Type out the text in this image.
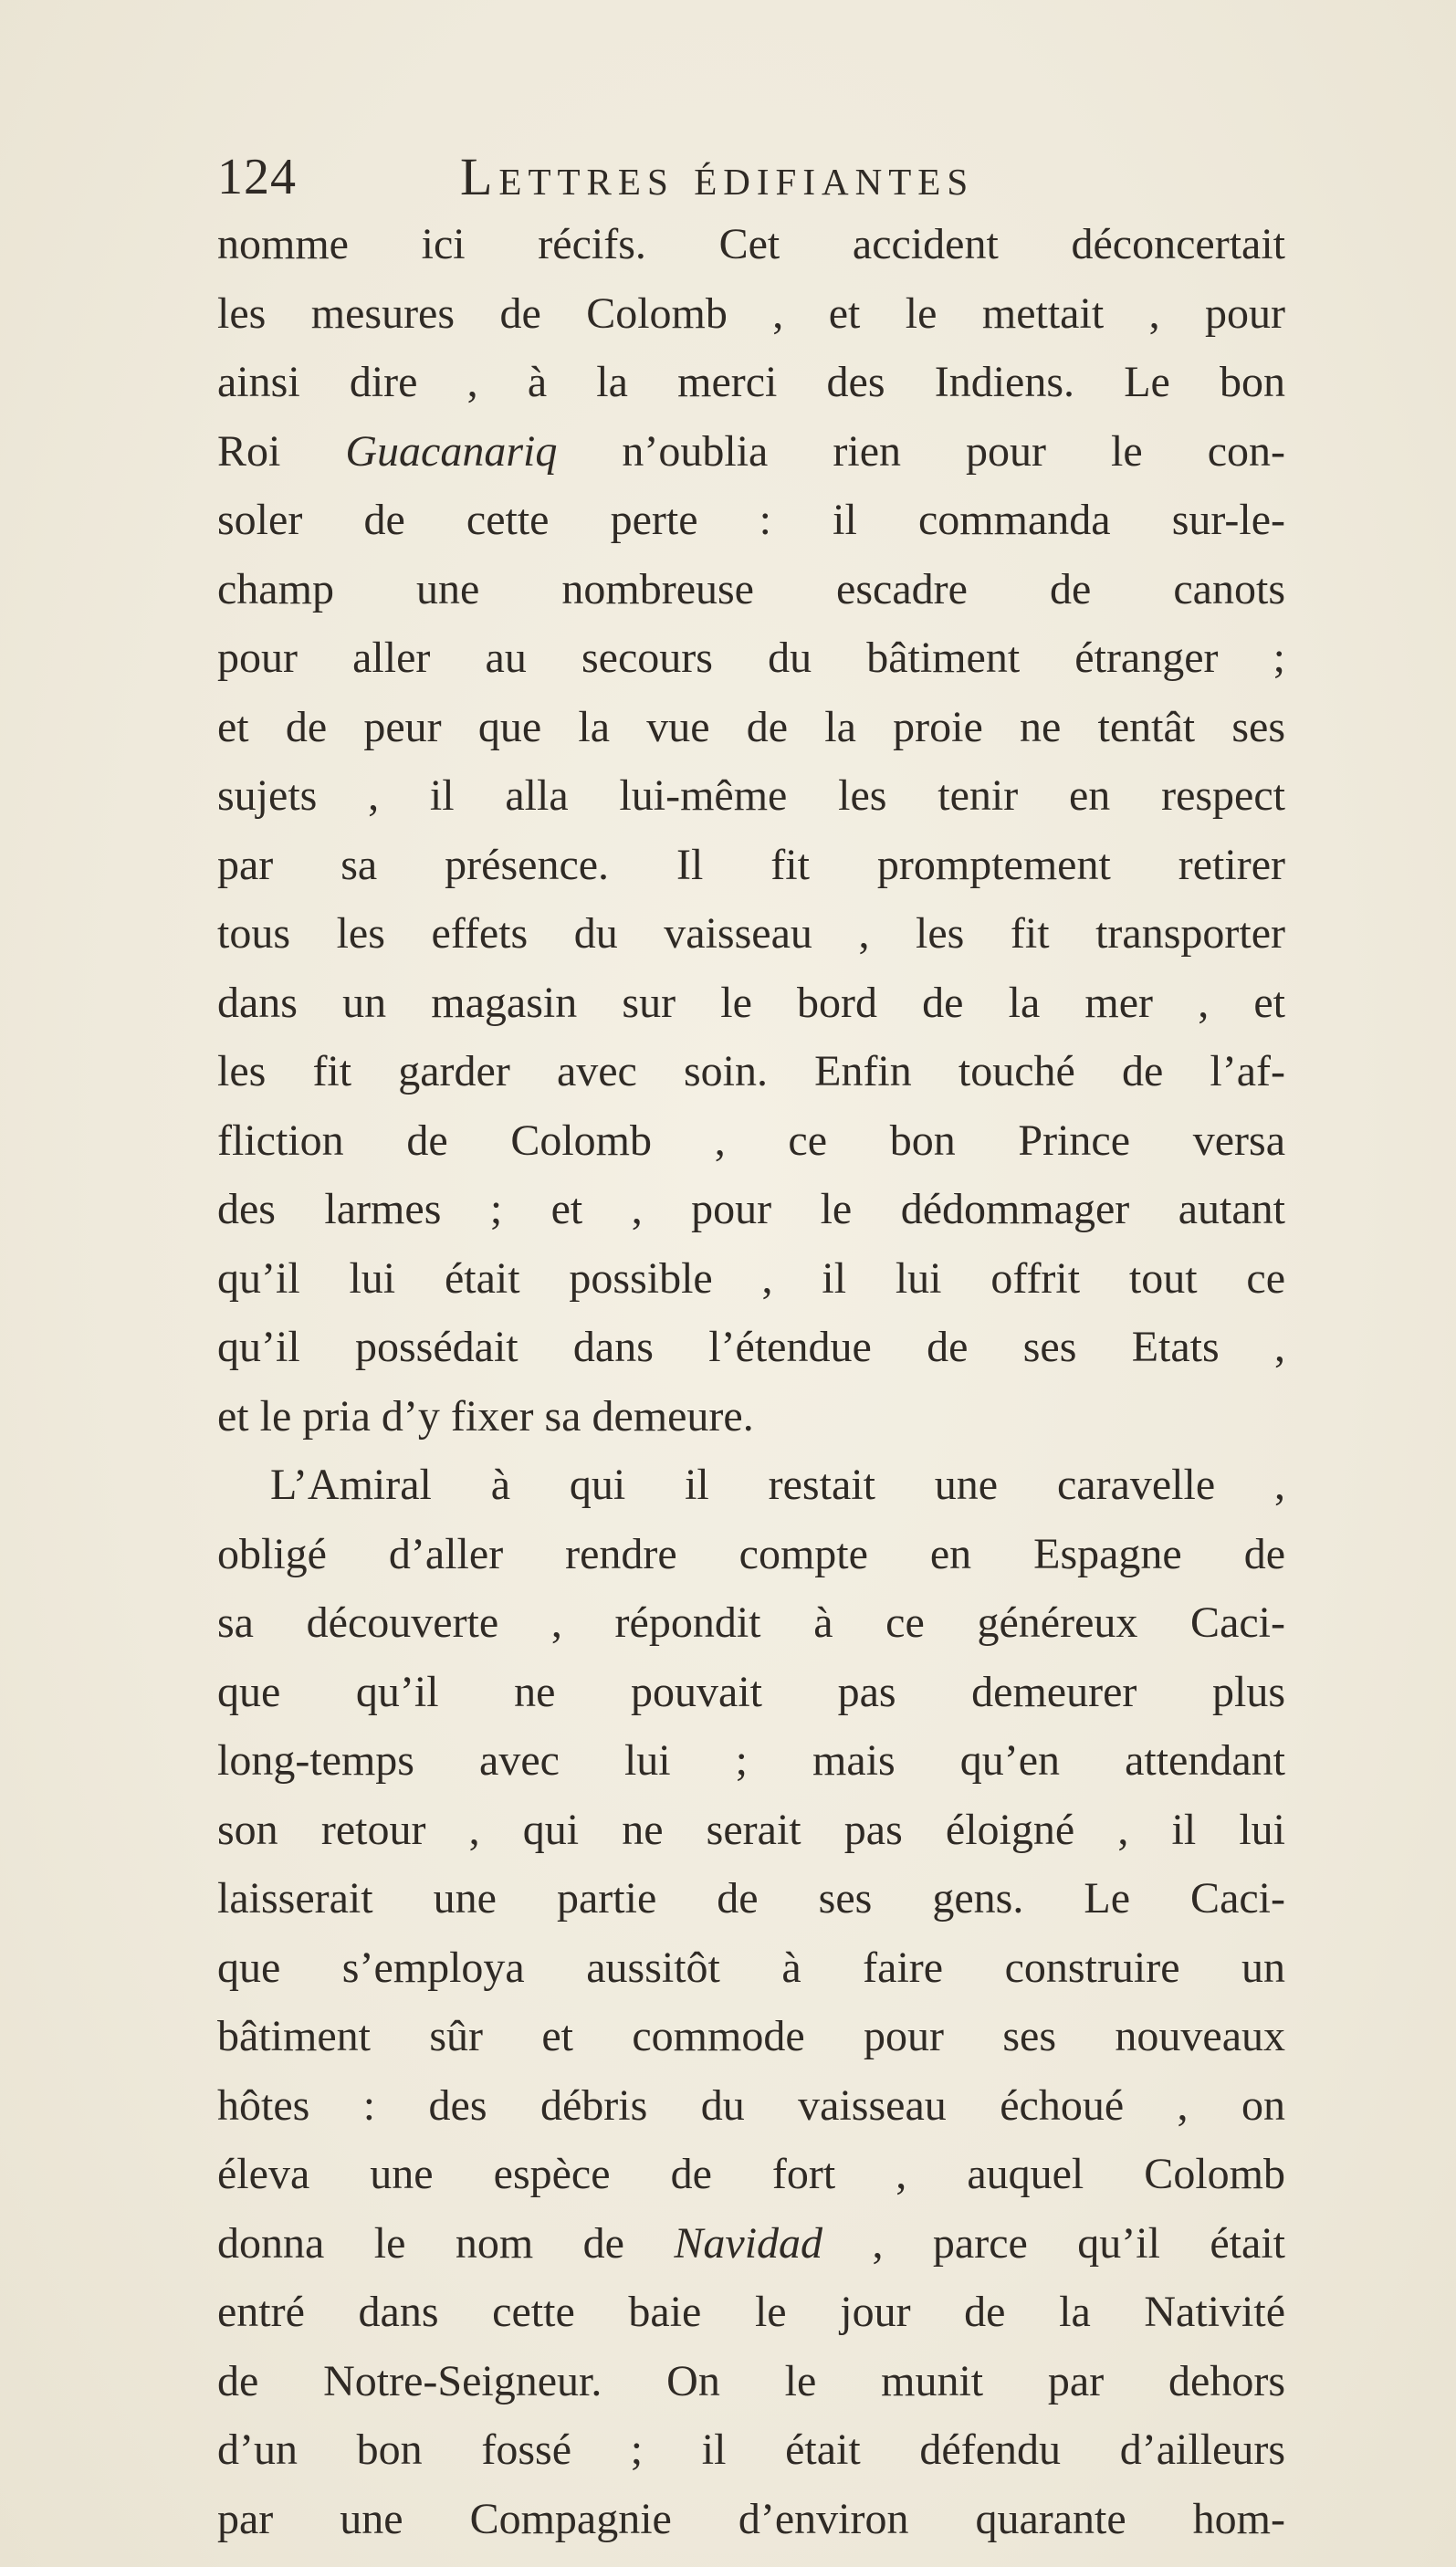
124	Lettres édifiantes
nomme ici récifs. Cet accident déconcertait
les mesures de Colomb , et le mettait , pour
ainsi dire , à la merci des Indiens. Le bon
Roi Guacanariq n’oublia rien pour le con-
soler de cette perte : il commanda sur-le-
champ une nombreuse escadre de canots
pour aller au secours du bâtiment étranger ;
et de peur que la vue de la proie ne tentât ses
sujets , il alla lui-même les tenir en respect
par sa présence. Il fit promptement retirer
tous les effets du vaisseau , les fit transporter
dans un magasin sur le bord de la mer , et
les fit garder avec soin. Enfin touché de l’af-
fliction de Colomb , ce bon Prince versa
des larmes ; et , pour le dédommager autant
qu’il lui était possible , il lui offrit tout ce
qu’il possédait dans l’étendue de ses Etats ,
et le pria d’y fixer sa demeure.
L’Amiral à qui il restait une caravelle ,
obligé d’aller rendre compte en Espagne de
sa découverte , répondit à ce généreux Caci-
que qu’il ne pouvait pas demeurer plus
long-temps avec lui ; mais qu’en attendant
son retour , qui ne serait pas éloigné , il lui
laisserait une partie de ses gens. Le Caci-
que s’employa aussitôt à faire construire un
bâtiment sûr et commode pour ses nouveaux
hôtes : des débris du vaisseau échoué , on
éleva une espèce de fort , auquel Colomb
donna le nom de Navidad , parce qu’il était
entré dans cette baie le jour de la Nativité
de Notre-Seigneur. On le munit par dehors
d’un bon fossé ; il était défendu d’ailleurs
par une Compagnie d’environ quarante hom-
